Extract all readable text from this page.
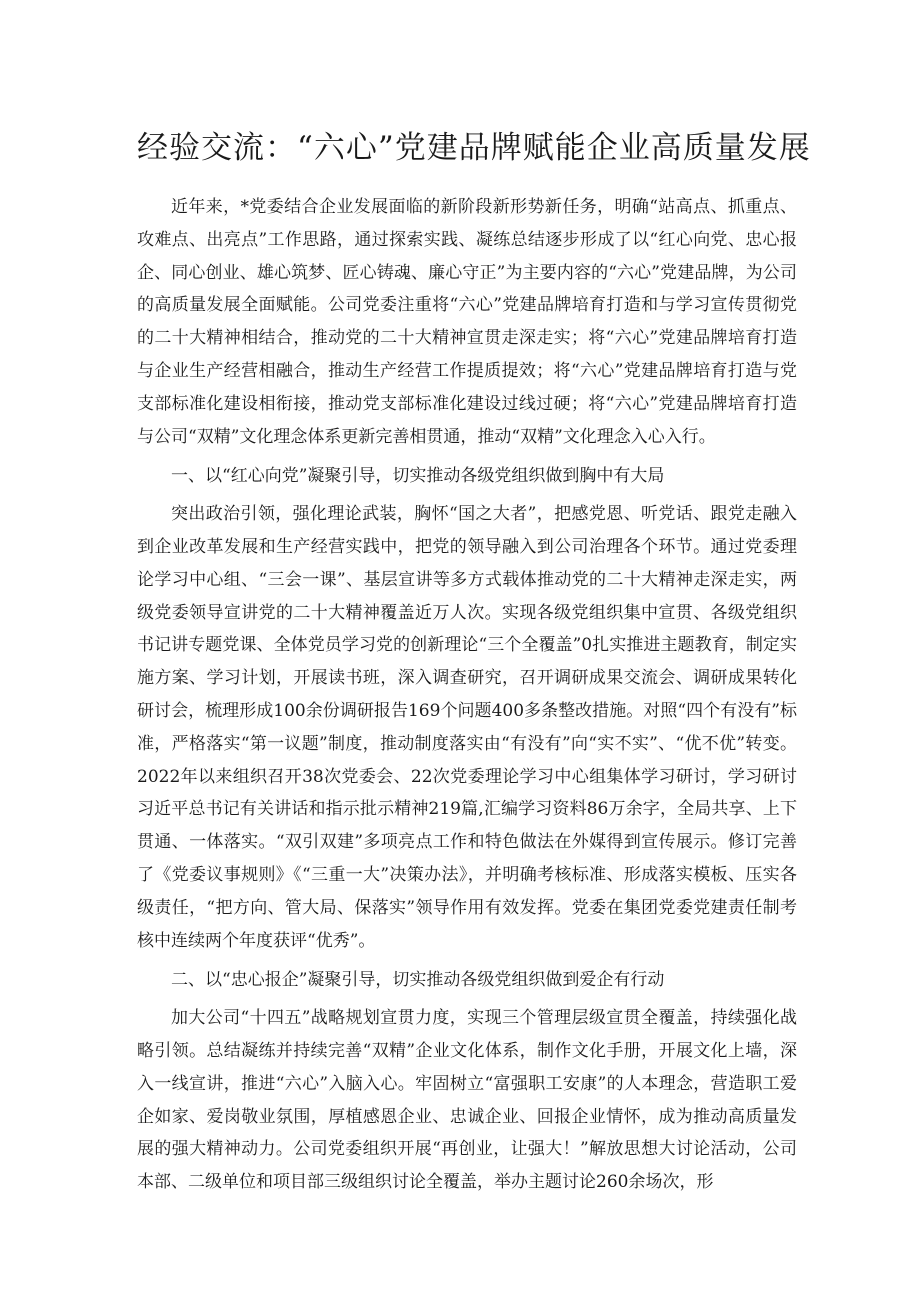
经验交流：“六心”党建品牌赋能企业高质量发展

近年来，*党委结合企业发展面临的新阶段新形势新任务，明确“站高点、抓重点、攻难点、出亮点”工作思路，通过探索实践、凝练总结逐步形成了以“红心向党、忠心报企、同心创业、雄心筑梦、匠心铸魂、廉心守正”为主要内容的“六心”党建品牌，为公司的高质量发展全面赋能。公司党委注重将“六心”党建品牌培育打造和与学习宣传贯彻党的二十大精神相结合，推动党的二十大精神宣贯走深走实；将“六心”党建品牌培育打造与企业生产经营相融合，推动生产经营工作提质提效；将“六心”党建品牌培育打造与党支部标准化建设相衔接，推动党支部标准化建设过线过硬；将“六心”党建品牌培育打造与公司“双精”文化理念体系更新完善相贯通，推动“双精”文化理念入心入行。

一、以“红心向党”凝聚引导，切实推动各级党组织做到胸中有大局

突出政治引领，强化理论武装，胸怀“国之大者”，把感党恩、听党话、跟党走融入到企业改革发展和生产经营实践中，把党的领导融入到公司治理各个环节。通过党委理论学习中心组、“三会一课”、基层宣讲等多方式载体推动党的二十大精神走深走实，两级党委领导宣讲党的二十大精神覆盖近万人次。实现各级党组织集中宣贯、各级党组织书记讲专题党课、全体党员学习党的创新理论“三个全覆盖”0扎实推进主题教育，制定实施方案、学习计划，开展读书班，深入调查研究，召开调研成果交流会、调研成果转化研讨会，梳理形成100余份调研报告169个问题400多条整改措施。对照“四个有没有”标准，严格落实“第一议题”制度，推动制度落实由“有没有”向“实不实”、“优不优”转变。2022年以来组织召开38次党委会、22次党委理论学习中心组集体学习研讨，学习研讨习近平总书记有关讲话和指示批示精神219篇,汇编学习资料86万余字，全局共享、上下贯通、一体落实。“双引双建”多项亮点工作和特色做法在外媒得到宣传展示。修订完善了《党委议事规则》《“三重一大”决策办法》，并明确考核标准、形成落实模板、压实各级责任，“把方向、管大局、保落实”领导作用有效发挥。党委在集团党委党建责任制考核中连续两个年度获评“优秀”。

二、以“忠心报企”凝聚引导，切实推动各级党组织做到爱企有行动

加大公司“十四五”战略规划宣贯力度，实现三个管理层级宣贯全覆盖，持续强化战略引领。总结凝练并持续完善“双精”企业文化体系，制作文化手册，开展文化上墙，深入一线宣讲，推进“六心”入脑入心。牢固树立“富强职工安康”的人本理念，营造职工爱企如家、爱岗敬业氛围，厚植感恩企业、忠诚企业、回报企业情怀，成为推动高质量发展的强大精神动力。公司党委组织开展“再创业，让强大！”解放思想大讨论活动，公司本部、二级单位和项目部三级组织讨论全覆盖，举办主题讨论260余场次，形
